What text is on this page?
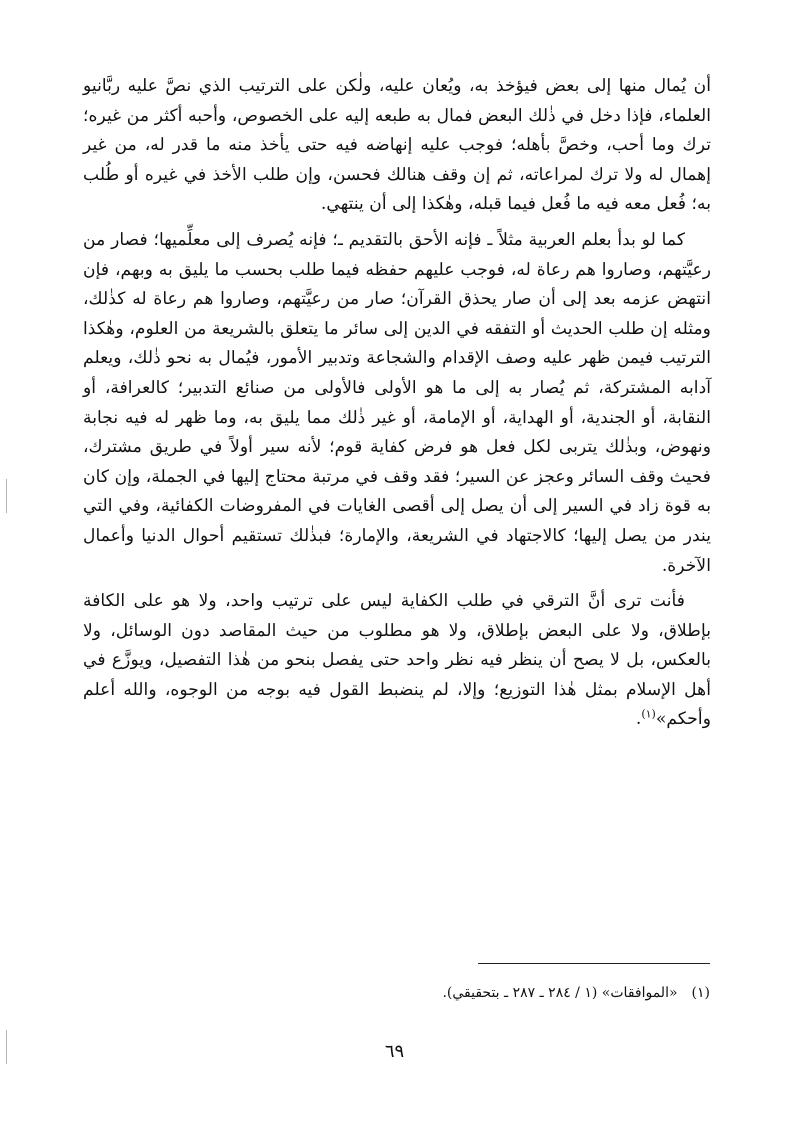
أن يُمال منها إلى بعض فيؤخذ به، ويُعان عليه، ولٰكن على الترتيب الذي نصَّ عليه ربَّانيو العلماء، فإذا دخل في ذٰلك البعض فمال به طبعه إليه على الخصوص، وأحبه أكثر من غيره؛ ترك وما أحب، وخصَّ بأهله؛ فوجب عليه إنهاضه فيه حتى يأخذ منه ما قدر له، من غير إهمال له ولا ترك لمراعاته، ثم إن وقف هنالك فحسن، وإن طلب الأخذ في غيره أو طُلب به؛ فُعل معه فيه ما فُعل فيما قبله، وهٰكذا إلى أن ينتهي.

كما لو بدأ بعلم العربية مثلاً ـ فإنه الأحق بالتقديم ـ؛ فإنه يُصرف إلى معلِّميها؛ فصار من رعيَّتهم، وصاروا هم رعاة له، فوجب عليهم حفظه فيما طلب بحسب ما يليق به وبهم، فإن انتهض عزمه بعد إلى أن صار يحذق القرآن؛ صار من رعيَّتهم، وصاروا هم رعاة له كذٰلك، ومثله إن طلب الحديث أو التفقه في الدين إلى سائر ما يتعلق بالشريعة من العلوم، وهٰكذا الترتيب فيمن ظهر عليه وصف الإقدام والشجاعة وتدبير الأمور، فيُمال به نحو ذٰلك، ويعلم آدابه المشتركة، ثم يُصار به إلى ما هو الأولى فالأولى من صنائع التدبير؛ كالعرافة، أو النقابة، أو الجندية، أو الهداية، أو الإمامة، أو غير ذٰلك مما يليق به، وما ظهر له فيه نجابة ونهوض، وبذٰلك يتربى لكل فعل هو فرض كفاية قوم؛ لأنه سير أولاً في طريق مشترك، فحيث وقف السائر وعجز عن السير؛ فقد وقف في مرتبة محتاج إليها في الجملة، وإن كان به قوة زاد في السير إلى أن يصل إلى أقصى الغايات في المفروضات الكفائية، وفي التي يندر من يصل إليها؛ كالاجتهاد في الشريعة، والإمارة؛ فبذٰلك تستقيم أحوال الدنيا وأعمال الآخرة.

فأنت ترى أنَّ الترقي في طلب الكفاية ليس على ترتيب واحد، ولا هو على الكافة بإطلاق، ولا على البعض بإطلاق، ولا هو مطلوب من حيث المقاصد دون الوسائل، ولا بالعكس، بل لا يصح أن ينظر فيه نظر واحد حتى يفصل بنحو من هٰذا التفصيل، ويوزَّع في أهل الإسلام بمثل هٰذا التوزيع؛ وإلا، لم ينضبط القول فيه بوجه من الوجوه، والله أعلم وأحكم»$^{(١)}$.

(١)«الموافقات» (١ / ٢٨٤ ـ ٢٨٧ ـ بتحقيقي).
٦٩
